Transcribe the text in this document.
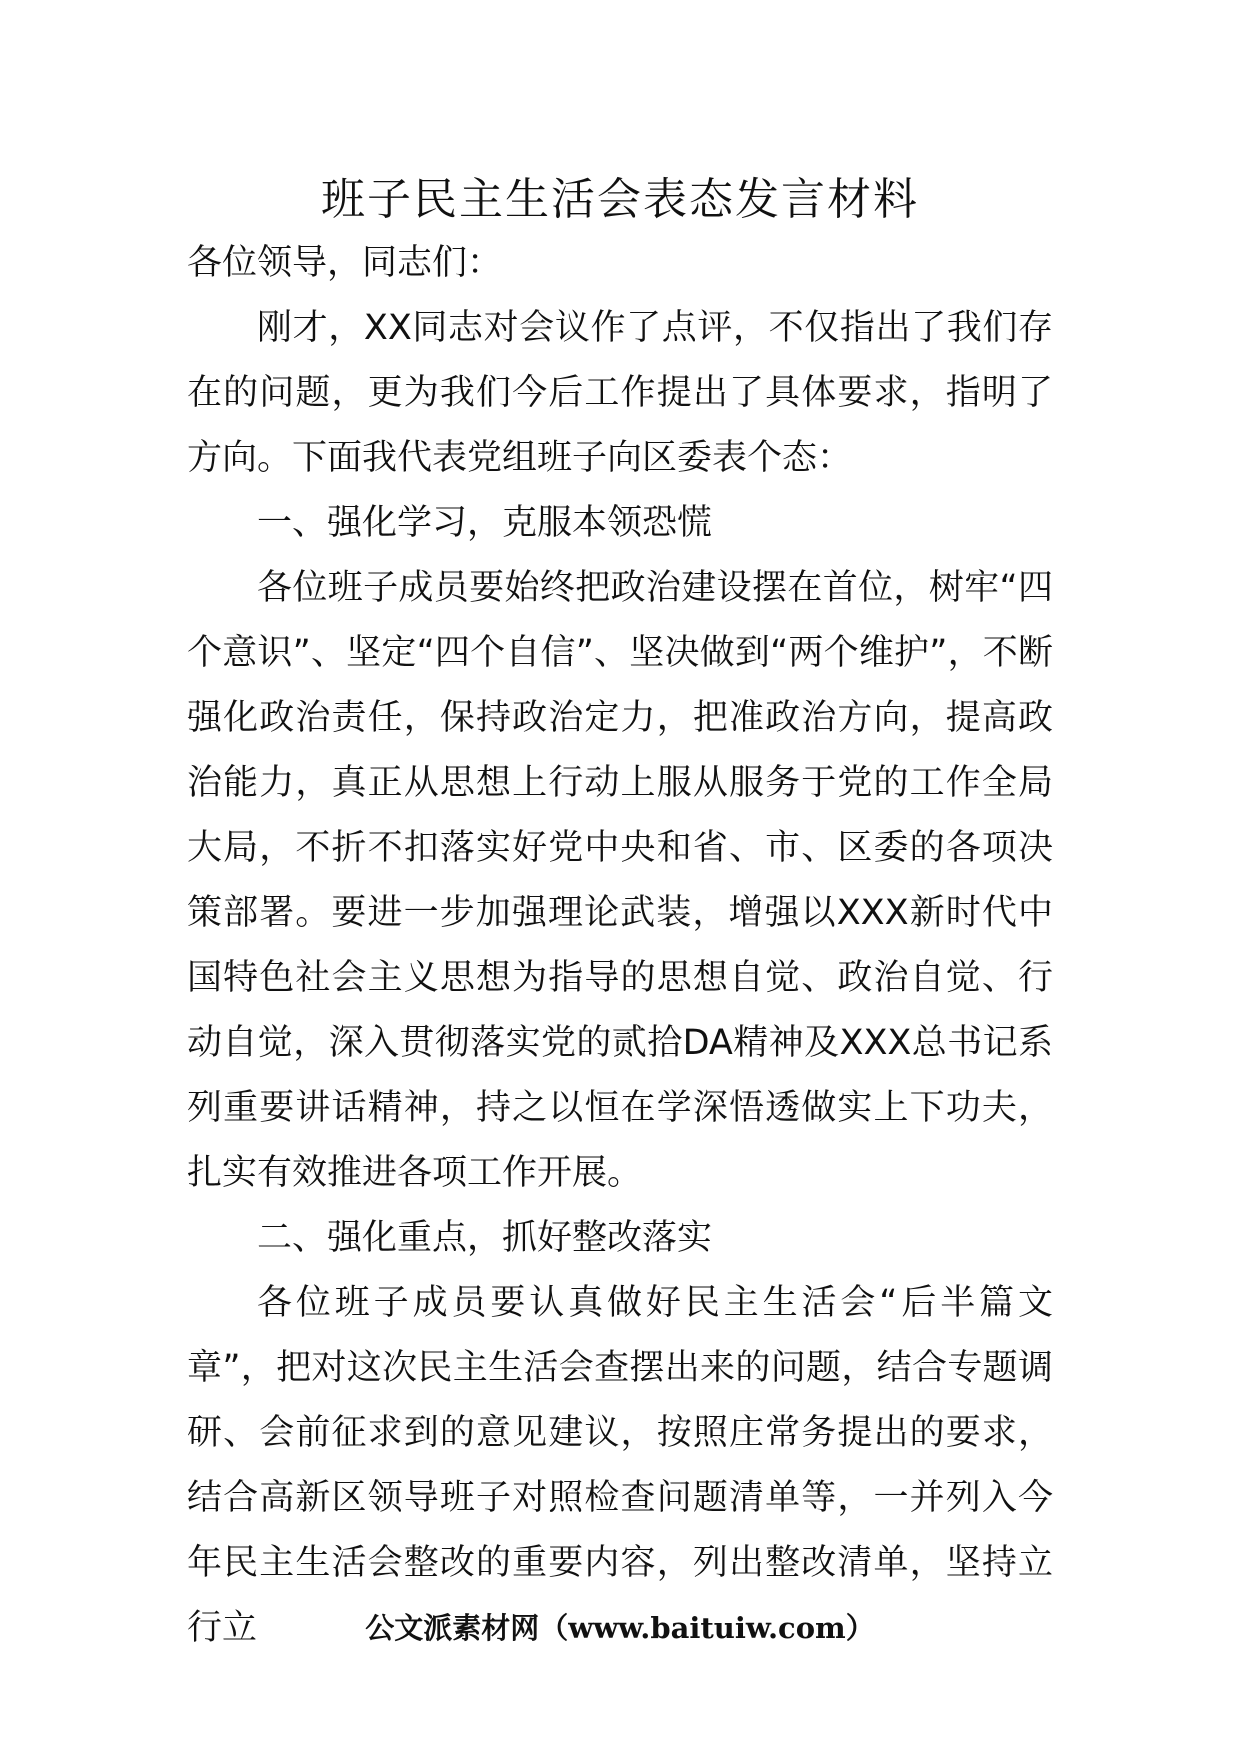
班子民主生活会表态发言材料

各位领导，同志们：

刚才，XX同志对会议作了点评，不仅指出了我们存在的问题，更为我们今后工作提出了具体要求，指明了方向。下面我代表党组班子向区委表个态：

一、强化学习，克服本领恐慌

各位班子成员要始终把政治建设摆在首位，树牢“四个意识”、坚定“四个自信”、坚决做到“两个维护”，不断强化政治责任，保持政治定力，把准政治方向，提高政治能力，真正从思想上行动上服从服务于党的工作全局大局，不折不扣落实好党中央和省、市、区委的各项决策部署。要进一步加强理论武装，增强以XXX新时代中国特色社会主义思想为指导的思想自觉、政治自觉、行动自觉，深入贯彻落实党的贰拾DA精神及XXX总书记系列重要讲话精神，持之以恒在学深悟透做实上下功夫，扎实有效推进各项工作开展。

二、强化重点，抓好整改落实

各位班子成员要认真做好民主生活会“后半篇文章”，把对这次民主生活会查摆出来的问题，结合专题调研、会前征求到的意见建议，按照庄常务提出的要求，结合高新区领导班子对照检查问题清单等，一并列入今年民主生活会整改的重要内容，列出整改清单，坚持立行立	公文派素材网（www.baituiw.com）
